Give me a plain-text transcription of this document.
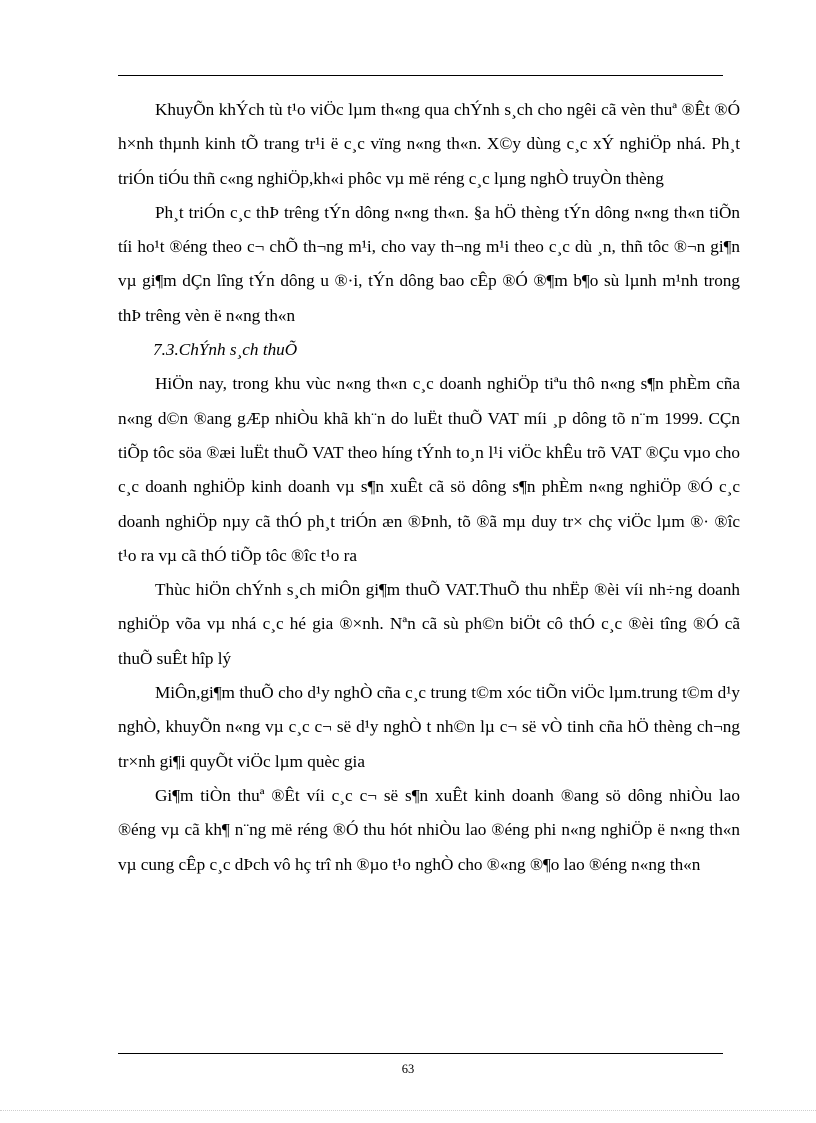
KhuyÕn khÝch tù t¹o viÖc lµm th«ng qua chÝnh s¸ch cho ngêi cã vèn thuª ®Êt ®Ó h×nh thµnh kinh tÕ trang tr¹i ë c¸c vïng n«ng th«n. X©y dùng c¸c xÝ nghiÖp nhá. Ph¸t triÓn tiÓu thñ c«ng nghiÖp,kh«i phôc vµ më réng c¸c lµng nghÒ truyÒn thèng

Ph¸t triÓn c¸c thÞ trêng tÝn dông n«ng th«n. §a hÖ thèng tÝn dông n«ng th«n tiÕn tíi ho¹t ®éng theo c¬ chÕ th¬ng m¹i, cho vay th¬ng m¹i theo c¸c dù ¸n, thñ tôc ®¬n gi¶n vµ gi¶m dÇn lîng tÝn dông u ®·i, tÝn dông bao cÊp ®Ó ®¶m b¶o sù lµnh m¹nh trong thÞ trêng vèn ë n«ng th«n

7.3.ChÝnh s¸ch thuÕ

HiÖn nay, trong khu vùc n«ng th«n c¸c doanh nghiÖp tiªu thô n«ng s¶n phÈm cña n«ng d©n ®ang gÆp nhiÒu khã kh¨n do luËt thuÕ VAT míi ¸p dông tõ n¨m 1999. CÇn tiÕp tôc söa ®æi luËt thuÕ VAT theo híng tÝnh to¸n l¹i viÖc khÊu trõ VAT ®Çu vµo cho c¸c doanh nghiÖp kinh doanh vµ s¶n xuÊt cã sö dông s¶n phÈm n«ng nghiÖp ®Ó c¸c doanh nghiÖp nµy cã thÓ ph¸t triÓn æn ®Þnh, tõ ®ã mµ duy tr× chç viÖc lµm ®· ®îc t¹o ra vµ cã thÓ tiÕp tôc ®îc t¹o ra

Thùc hiÖn chÝnh s¸ch miÔn gi¶m thuÕ VAT.ThuÕ thu nhËp ®èi víi nh÷ng doanh nghiÖp võa vµ nhá c¸c hé gia ®×nh. Nªn cã sù ph©n biÖt cô thÓ c¸c ®èi tîng ®Ó cã thuÕ suÊt hîp lý

MiÔn,gi¶m thuÕ cho d¹y nghÒ cña c¸c trung t©m xóc tiÕn viÖc lµm.trung t©m d¹y nghÒ, khuyÕn n«ng vµ c¸c c¬ së d¹y nghÒ t nh©n lµ c¬ së vÒ tinh cña hÖ thèng ch¬ng tr×nh gi¶i quyÕt viÖc lµm quèc gia

Gi¶m tiÒn thuª ®Êt víi c¸c c¬ së s¶n xuÊt kinh doanh ®ang sö dông nhiÒu lao ®éng vµ cã kh¶ n¨ng më réng ®Ó thu hót nhiÒu lao ®éng phi n«ng nghiÖp ë n«ng th«n vµ cung cÊp c¸c dÞch vô hç trî nh ®µo t¹o nghÒ cho ®«ng ®¶o lao ®éng n«ng th«n

63
